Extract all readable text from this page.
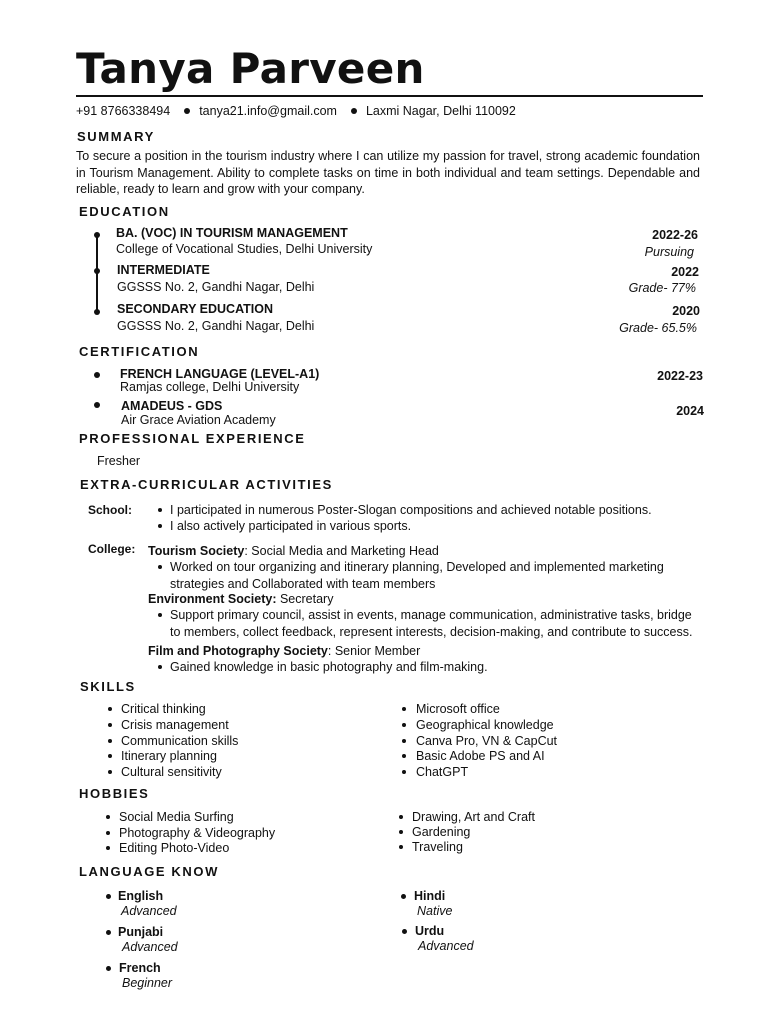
Tanya Parveen
+91 8766338494 tanya21.info@gmail.com Laxmi Nagar, Delhi 110092
SUMMARY
To secure a position in the tourism industry where I can utilize my passion for travel, strong academic foundation in Tourism Management. Ability to complete tasks on time in both individual and team settings. Dependable and reliable, ready to learn and grow with your company.
EDUCATION
BA. (VOC) IN TOURISM MANAGEMENT
College of Vocational Studies, Delhi University
2022-26
Pursuing
INTERMEDIATE
GGSSS No. 2, Gandhi Nagar, Delhi
2022
Grade- 77%
SECONDARY EDUCATION
GGSSS No. 2, Gandhi Nagar, Delhi
2020
Grade- 65.5%
CERTIFICATION
FRENCH LANGUAGE (LEVEL-A1)
Ramjas college, Delhi University
2022-23
AMADEUS - GDS
Air Grace Aviation Academy
2024
PROFESSIONAL EXPERIENCE
Fresher
EXTRA-CURRICULAR ACTIVITIES
School:	I participated in numerous Poster-Slogan compositions and achieved notable positions.
I also actively participated in various sports.
College: Tourism Society: Social Media and Marketing Head
Worked on tour organizing and itinerary planning, Developed and implemented marketing
strategies and Collaborated with team members
Environment Society: Secretary
Support primary council, assist in events, manage communication, administrative tasks, bridge
to members, collect feedback, represent interests, decision-making, and contribute to success.
Film and Photography Society: Senior Member
Gained knowledge in basic photography and film-making.
SKILLS
Critical thinking
Crisis management
Communication skills
Itinerary planning
Cultural sensitivity
Microsoft office
Geographical knowledge
Canva Pro, VN & CapCut
Basic Adobe PS and AI
ChatGPT
HOBBIES
Social Media Surfing
Photography & Videography
Editing Photo-Video
Drawing, Art and Craft
Gardening
Traveling
LANGUAGE KNOW
English
Advanced
Hindi
Native
Punjabi
Advanced
Urdu
Advanced
French
Beginner
